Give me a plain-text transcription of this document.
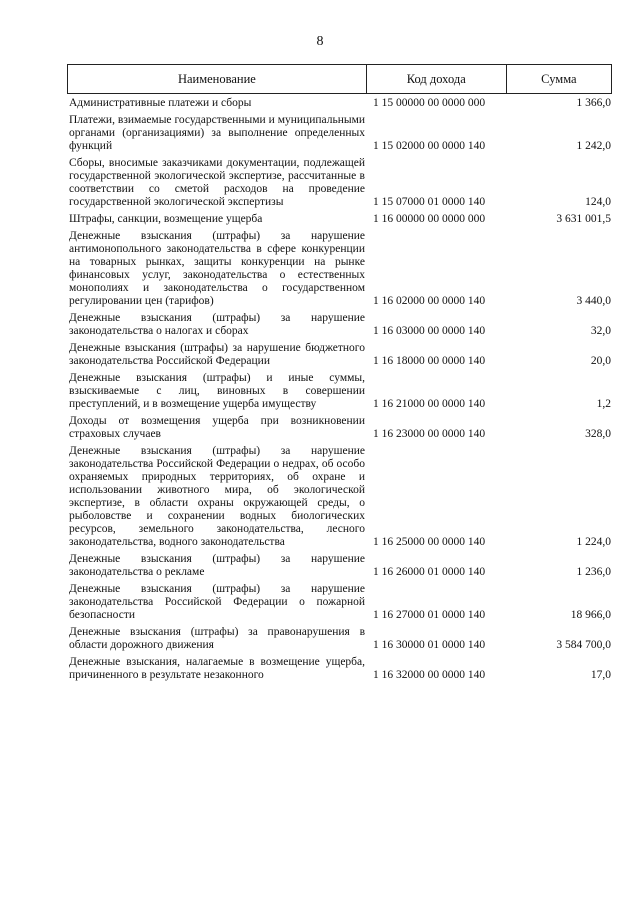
8
Наименование	Код дохода	Сумма
Административные платежи и сборы	1 15 00000 00 0000 000	1 366,0
Платежи, взимаемые государственными и муниципальными органами (организациями) за выполнение определенных функций	1 15 02000 00 0000 140	1 242,0
Сборы, вносимые заказчиками документации, подлежащей государственной экологической экспертизе, рассчитанные в соответствии со сметой расходов на проведение государственной экологической экспертизы	1 15 07000 01 0000 140	124,0
Штрафы, санкции, возмещение ущерба	1 16 00000 00 0000 000	3 631 001,5
Денежные взыскания (штрафы) за нарушение антимонопольного законодательства в сфере конкуренции на товарных рынках, защиты конкуренции на рынке финансовых услуг, законодательства о естественных монополиях и законодательства о государственном регулировании цен (тарифов)	1 16 02000 00 0000 140	3 440,0
Денежные взыскания (штрафы) за нарушение законодательства о налогах и сборах	1 16 03000 00 0000 140	32,0
Денежные взыскания (штрафы) за нарушение бюджетного законодательства Российской Федерации	1 16 18000 00 0000 140	20,0
Денежные взыскания (штрафы) и иные суммы, взыскиваемые с лиц, виновных в совершении преступлений, и в возмещение ущерба имуществу	1 16 21000 00 0000 140	1,2
Доходы от возмещения ущерба при возникновении страховых случаев	1 16 23000 00 0000 140	328,0
Денежные взыскания (штрафы) за нарушение законодательства Российской Федерации о недрах, об особо охраняемых природных территориях, об охране и использовании животного мира, об экологической экспертизе, в области охраны окружающей среды, о рыболовстве и сохранении водных биологических ресурсов, земельного законодательства, лесного законодательства, водного законодательства	1 16 25000 00 0000 140	1 224,0
Денежные взыскания (штрафы) за нарушение законодательства о рекламе	1 16 26000 01 0000 140	1 236,0
Денежные взыскания (штрафы) за нарушение законодательства Российской Федерации о пожарной безопасности	1 16 27000 01 0000 140	18 966,0
Денежные взыскания (штрафы) за правонарушения в области дорожного движения	1 16 30000 01 0000 140	3 584 700,0
Денежные взыскания, налагаемые в возмещение ущерба, причиненного в результате незаконного	1 16 32000 00 0000 140	17,0
